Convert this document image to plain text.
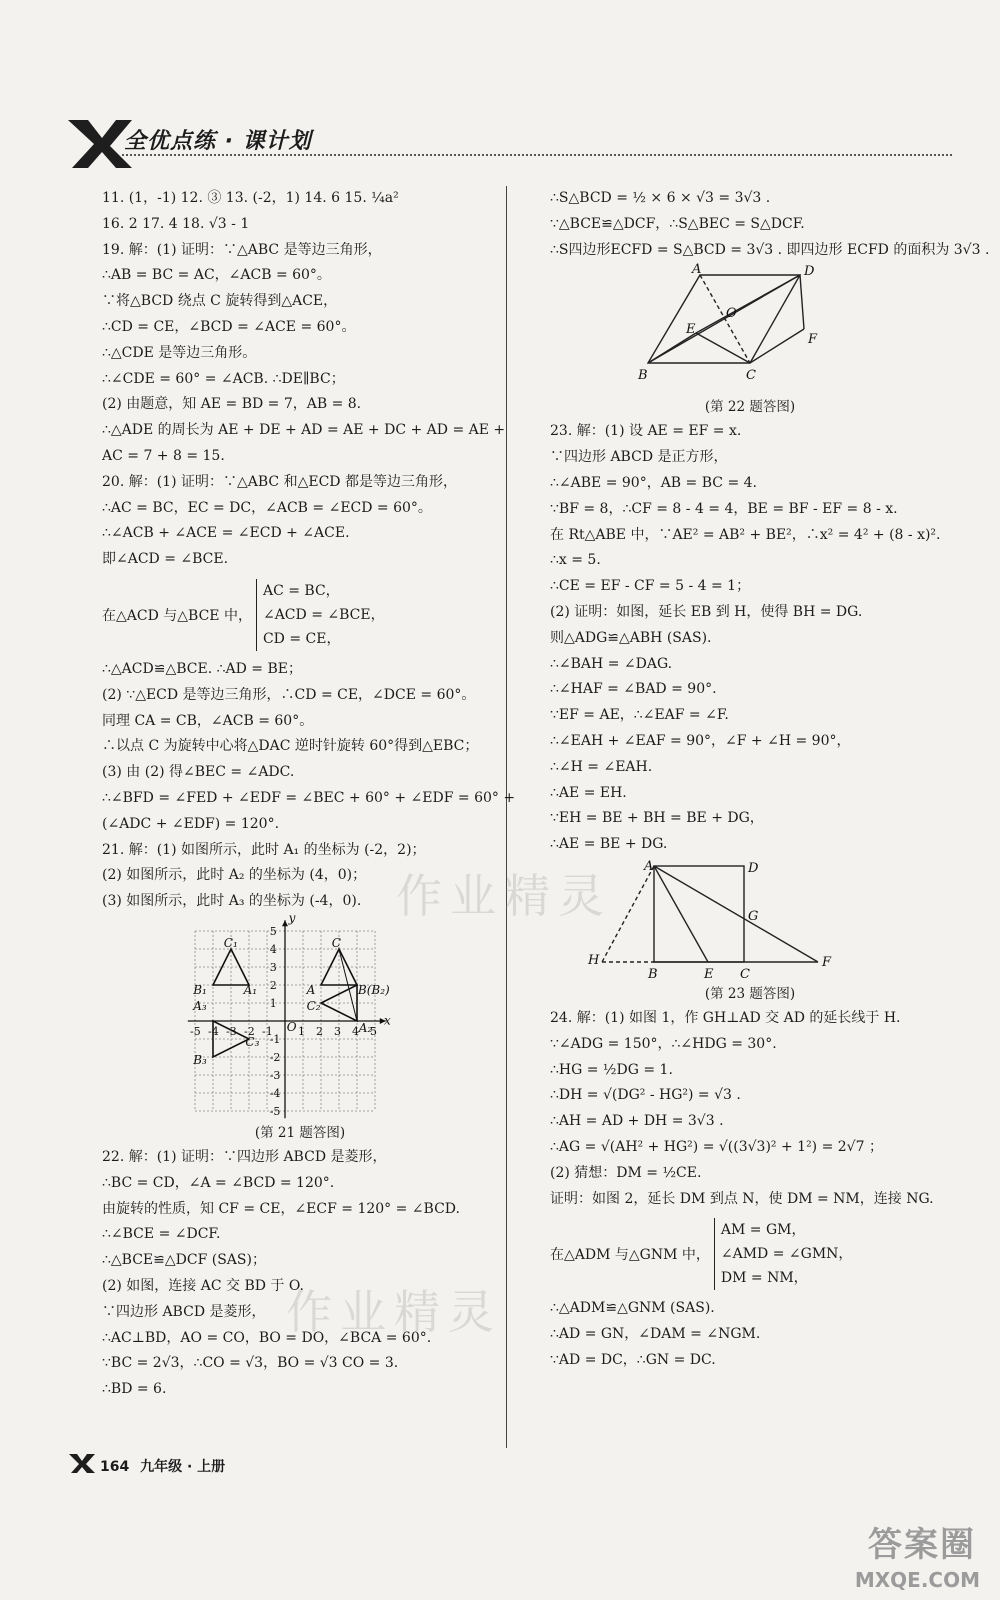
全优点练 · 课计划
11. (1，-1) 12. ③ 13. (-2，1) 14. 6 15. ¼a²
16. 2 17. 4 18. √3 - 1
19. 解：(1) 证明：∵△ABC 是等边三角形，
∴AB = BC = AC，∠ACB = 60°。
∵将△BCD 绕点 C 旋转得到△ACE，
∴CD = CE，∠BCD = ∠ACE = 60°。
∴△CDE 是等边三角形。
∴∠CDE = 60° = ∠ACB. ∴DE∥BC；
(2) 由题意，知 AE = BD = 7，AB = 8.
∴△ADE 的周长为 AE + DE + AD = AE + DC + AD = AE +
AC = 7 + 8 = 15.
20. 解：(1) 证明：∵△ABC 和△ECD 都是等边三角形，
∴AC = BC，EC = DC，∠ACB = ∠ECD = 60°。
∴∠ACB + ∠ACE = ∠ECD + ∠ACE.
即∠ACD = ∠BCE.
在△ACD 与△BCE 中，
AC = BC，
∠ACD = ∠BCE，
CD = CE，
∴△ACD≌△BCE. ∴AD = BE；
(2) ∵△ECD 是等边三角形，∴CD = CE，∠DCE = 60°。
同理 CA = CB，∠ACB = 60°。
∴以点 C 为旋转中心将△DAC 逆时针旋转 60°得到△EBC；
(3) 由 (2) 得∠BEC = ∠ADC.
∴∠BFD = ∠FED + ∠EDF = ∠BEC + 60° + ∠EDF = 60° +
(∠ADC + ∠EDF) = 120°.
21. 解：(1) 如图所示，此时 A₁ 的坐标为 (-2，2)；
(2) 如图所示，此时 A₂ 的坐标为 (4，0)；
(3) 如图所示，此时 A₃ 的坐标为 (-4，0).
y
x
O
C₁	C
A₁	A
B₁	B(B₂)
A₂
C₂
A₃
C₃
B₃
5
4
3
2
1
-1
-2
-3
-4
-5
-5 -4 -3 -2 -1 1 2 3 4 5
(第 21 题答图)
22. 解：(1) 证明：∵四边形 ABCD 是菱形，
∴BC = CD，∠A = ∠BCD = 120°.
由旋转的性质，知 CF = CE，∠ECF = 120° = ∠BCD.
∴∠BCE = ∠DCF.
∴△BCE≌△DCF (SAS)；
(2) 如图，连接 AC 交 BD 于 O.
∵四边形 ABCD 是菱形，
∴AC⊥BD，AO = CO，BO = DO，∠BCA = 60°.
∵BC = 2√3，∴CO = √3，BO = √3 CO = 3.
∴BD = 6.
∴S△BCD = ½ × 6 × √3 = 3√3 .
∵△BCE≌△DCF，∴S△BEC = S△DCF.
∴S四边形ECFD = S△BCD = 3√3 . 即四边形 ECFD 的面积为 3√3 .
A	D
O
E
F
B	C
(第 22 题答图)
23. 解：(1) 设 AE = EF = x.
∵四边形 ABCD 是正方形，
∴∠ABE = 90°，AB = BC = 4.
∵BF = 8，∴CF = 8 - 4 = 4，BE = BF - EF = 8 - x.
在 Rt△ABE 中，∵AE² = AB² + BE²，∴x² = 4² + (8 - x)².
∴x = 5.
∴CE = EF - CF = 5 - 4 = 1；
(2) 证明：如图，延长 EB 到 H，使得 BH = DG.
则△ADG≌△ABH (SAS).
∴∠BAH = ∠DAG.
∴∠HAF = ∠BAD = 90°.
∵EF = AE，∴∠EAF = ∠F.
∴∠EAH + ∠EAF = 90°，∠F + ∠H = 90°，
∴∠H = ∠EAH.
∴AE = EH.
∵EH = BE + BH = BE + DG，
∴AE = BE + DG.
A	D
G
H
B	E C
F
(第 23 题答图)
24. 解：(1) 如图 1，作 GH⊥AD 交 AD 的延长线于 H.
∵∠ADG = 150°，∴∠HDG = 30°.
∴HG = ½DG = 1.
∴DH = √(DG² - HG²) = √3 .
∴AH = AD + DH = 3√3 .
∴AG = √(AH² + HG²) = √((3√3)² + 1²) = 2√7 ；
(2) 猜想：DM = ½CE.
证明：如图 2，延长 DM 到点 N，使 DM = NM，连接 NG.
在△ADM 与△GNM 中，
AM = GM，
∠AMD = ∠GMN，
DM = NM，
∴△ADM≌△GNM (SAS).
∴AD = GN，∠DAM = ∠NGM.
∵AD = DC，∴GN = DC.
作业精灵
作业精灵
164 九年级 · 上册
答案圈
MXQE.COM
